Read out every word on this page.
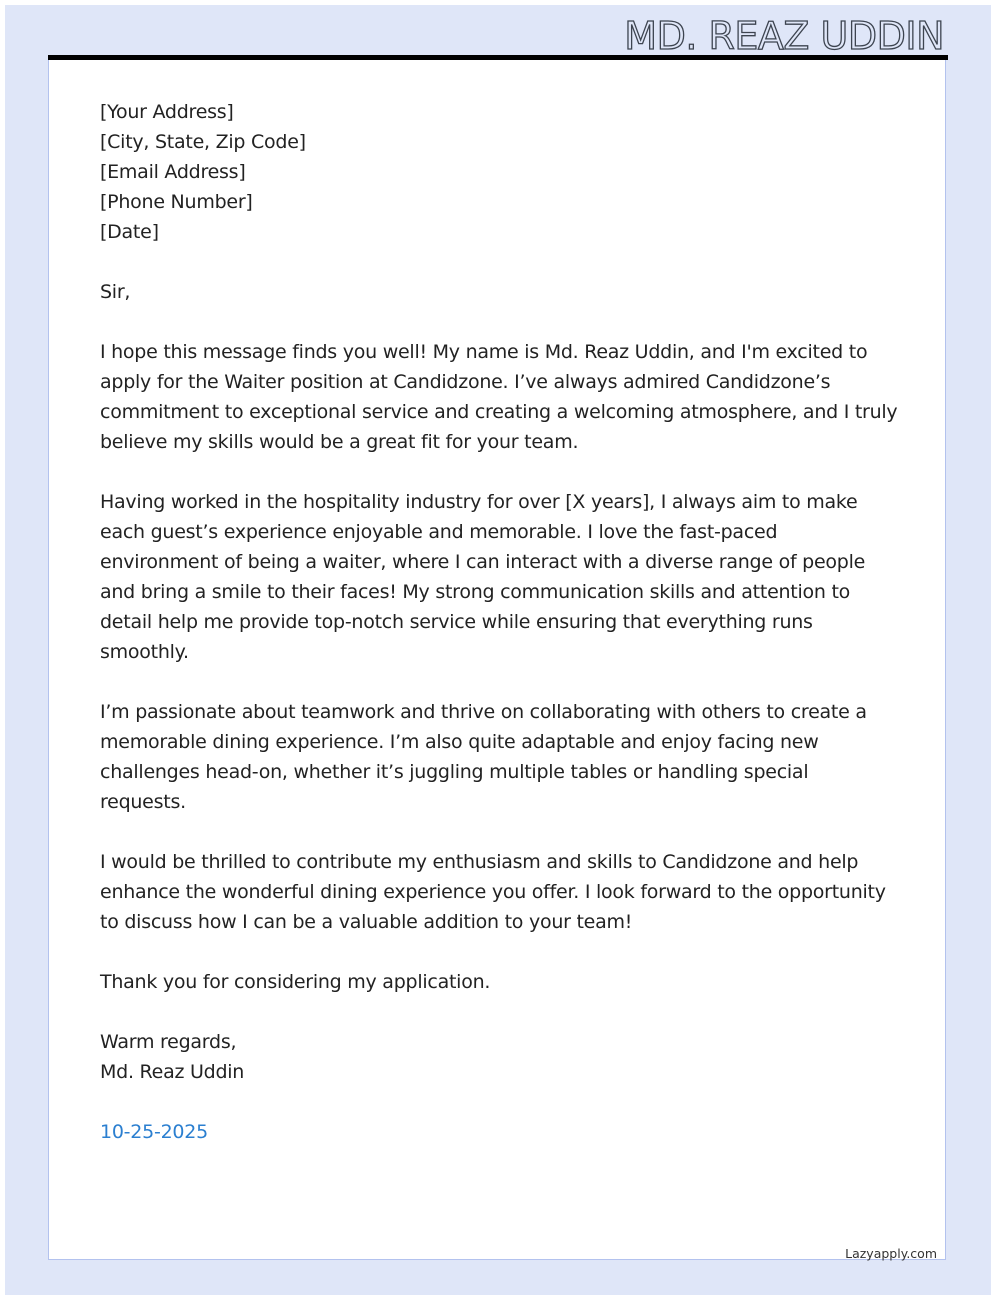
MD. REAZ UDDIN

[Your Address]
[City, State, Zip Code]
[Email Address]
[Phone Number]
[Date]

Sir,

I hope this message finds you well! My name is Md. Reaz Uddin, and I'm excited to apply for the Waiter position at Candidzone. I’ve always admired Candidzone’s commitment to exceptional service and creating a welcoming atmosphere, and I truly believe my skills would be a great fit for your team.

Having worked in the hospitality industry for over [X years], I always aim to make each guest’s experience enjoyable and memorable. I love the fast-paced environment of being a waiter, where I can interact with a diverse range of people and bring a smile to their faces! My strong communication skills and attention to detail help me provide top-notch service while ensuring that everything runs smoothly.

I’m passionate about teamwork and thrive on collaborating with others to create a memorable dining experience. I’m also quite adaptable and enjoy facing new challenges head-on, whether it’s juggling multiple tables or handling special requests.

I would be thrilled to contribute my enthusiasm and skills to Candidzone and help enhance the wonderful dining experience you offer. I look forward to the opportunity to discuss how I can be a valuable addition to your team!

Thank you for considering my application.

Warm regards,
Md. Reaz Uddin

10-25-2025
Lazyapply.com
